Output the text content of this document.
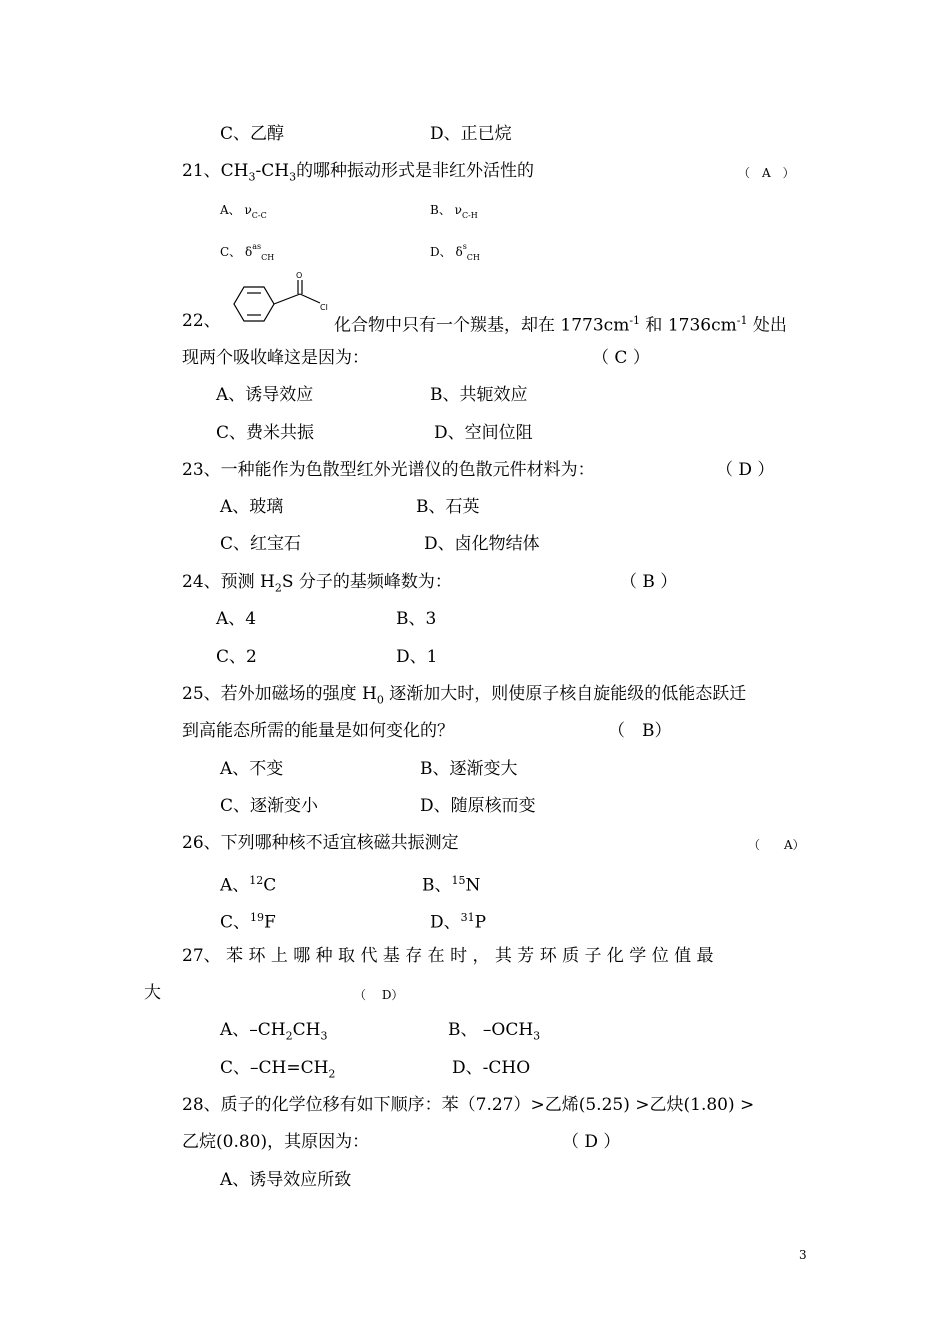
C、乙醇	D、正已烷
21、$CH_3-CH_3$的哪种振动形式是非红外活性的	（　A　）
A、 $\nu_{C-C}$	B、 $\nu_{C-H}$
C、 $\delta^{as}_{CH}$	D、 $\delta^s_{CH}$
22、
O
Cl
化合物中只有一个羰基，却在 $1773cm^{-1}$ 和 $1736cm^{-1}$ 处出
现两个吸收峰这是因为：	（ C ）
A、诱导效应	B、共轭效应
C、费米共振	D、空间位阻
23、一种能作为色散型红外光谱仪的色散元件材料为：	（ D ）
A、玻璃	B、石英
C、红宝石	D、卤化物结体
24、预测 $H_2S$ 分子的基频峰数为：	（ B ）
A、4	B、3
C、2	D、1
25、若外加磁场的强度 $H_0$ 逐渐加大时，则使原子核自旋能级的低能态跃迁
到高能态所需的能量是如何变化的？	（　B）
A、不变	B、逐渐变大
C、逐渐变小	D、随原核而变
26、下列哪种核不适宜核磁共振测定	（　　A）
A、$^{12}$C	B、$^{15}$N
C、$^{19}$F	D、$^{31}$P
27、 苯 环 上 哪 种 取 代 基 存 在 时 ， 其 芳 环 质 子 化 学 位 值 最
大	（　 D）
A、$-CH_2CH_3$	B、 $-OCH_3$
C、$-CH=CH_2$	D、-CHO
28、质子的化学位移有如下顺序：苯（7.27）>乙烯(5.25) >乙炔(1.80) >
乙烷(0.80)，其原因为：	（ D ）
A、诱导效应所致
3
